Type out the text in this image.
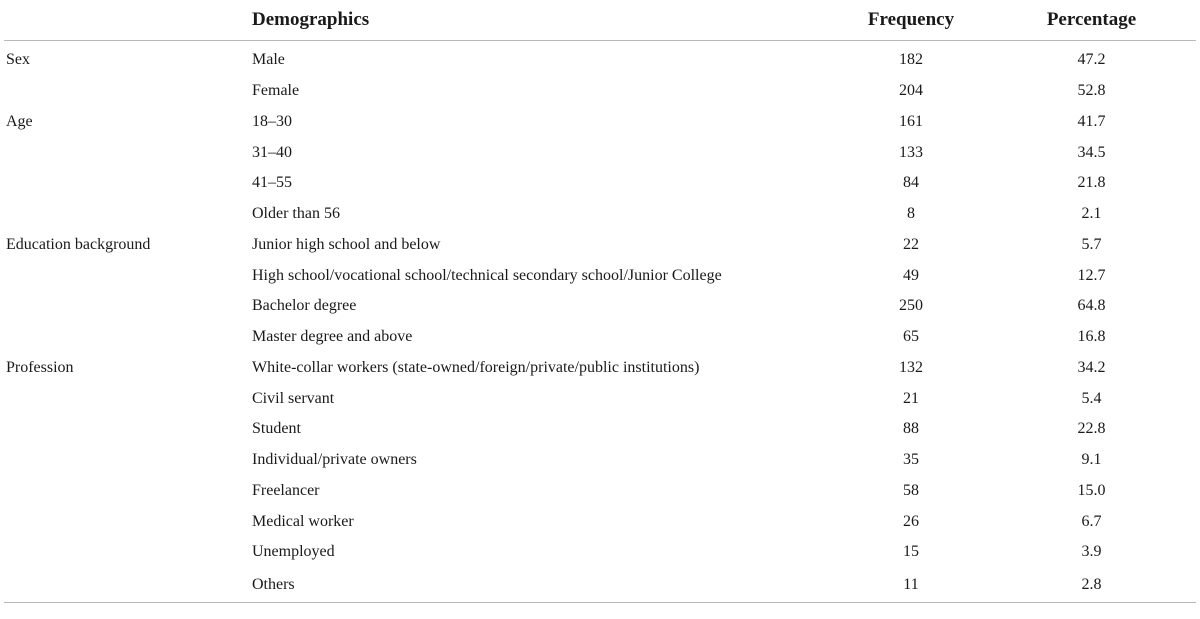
	Demographics	Frequency	Percentage
Sex	Male	182	47.2
	Female	204	52.8
Age	18–30	161	41.7
	31–40	133	34.5
	41–55	84	21.8
	Older than 56	8	2.1
Education background	Junior high school and below	22	5.7
	High school/vocational school/technical secondary school/Junior College	49	12.7
	Bachelor degree	250	64.8
	Master degree and above	65	16.8
Profession	White-collar workers (state-owned/foreign/private/public institutions)	132	34.2
	Civil servant	21	5.4
	Student	88	22.8
	Individual/private owners	35	9.1
	Freelancer	58	15.0
	Medical worker	26	6.7
	Unemployed	15	3.9
	Others	11	2.8
